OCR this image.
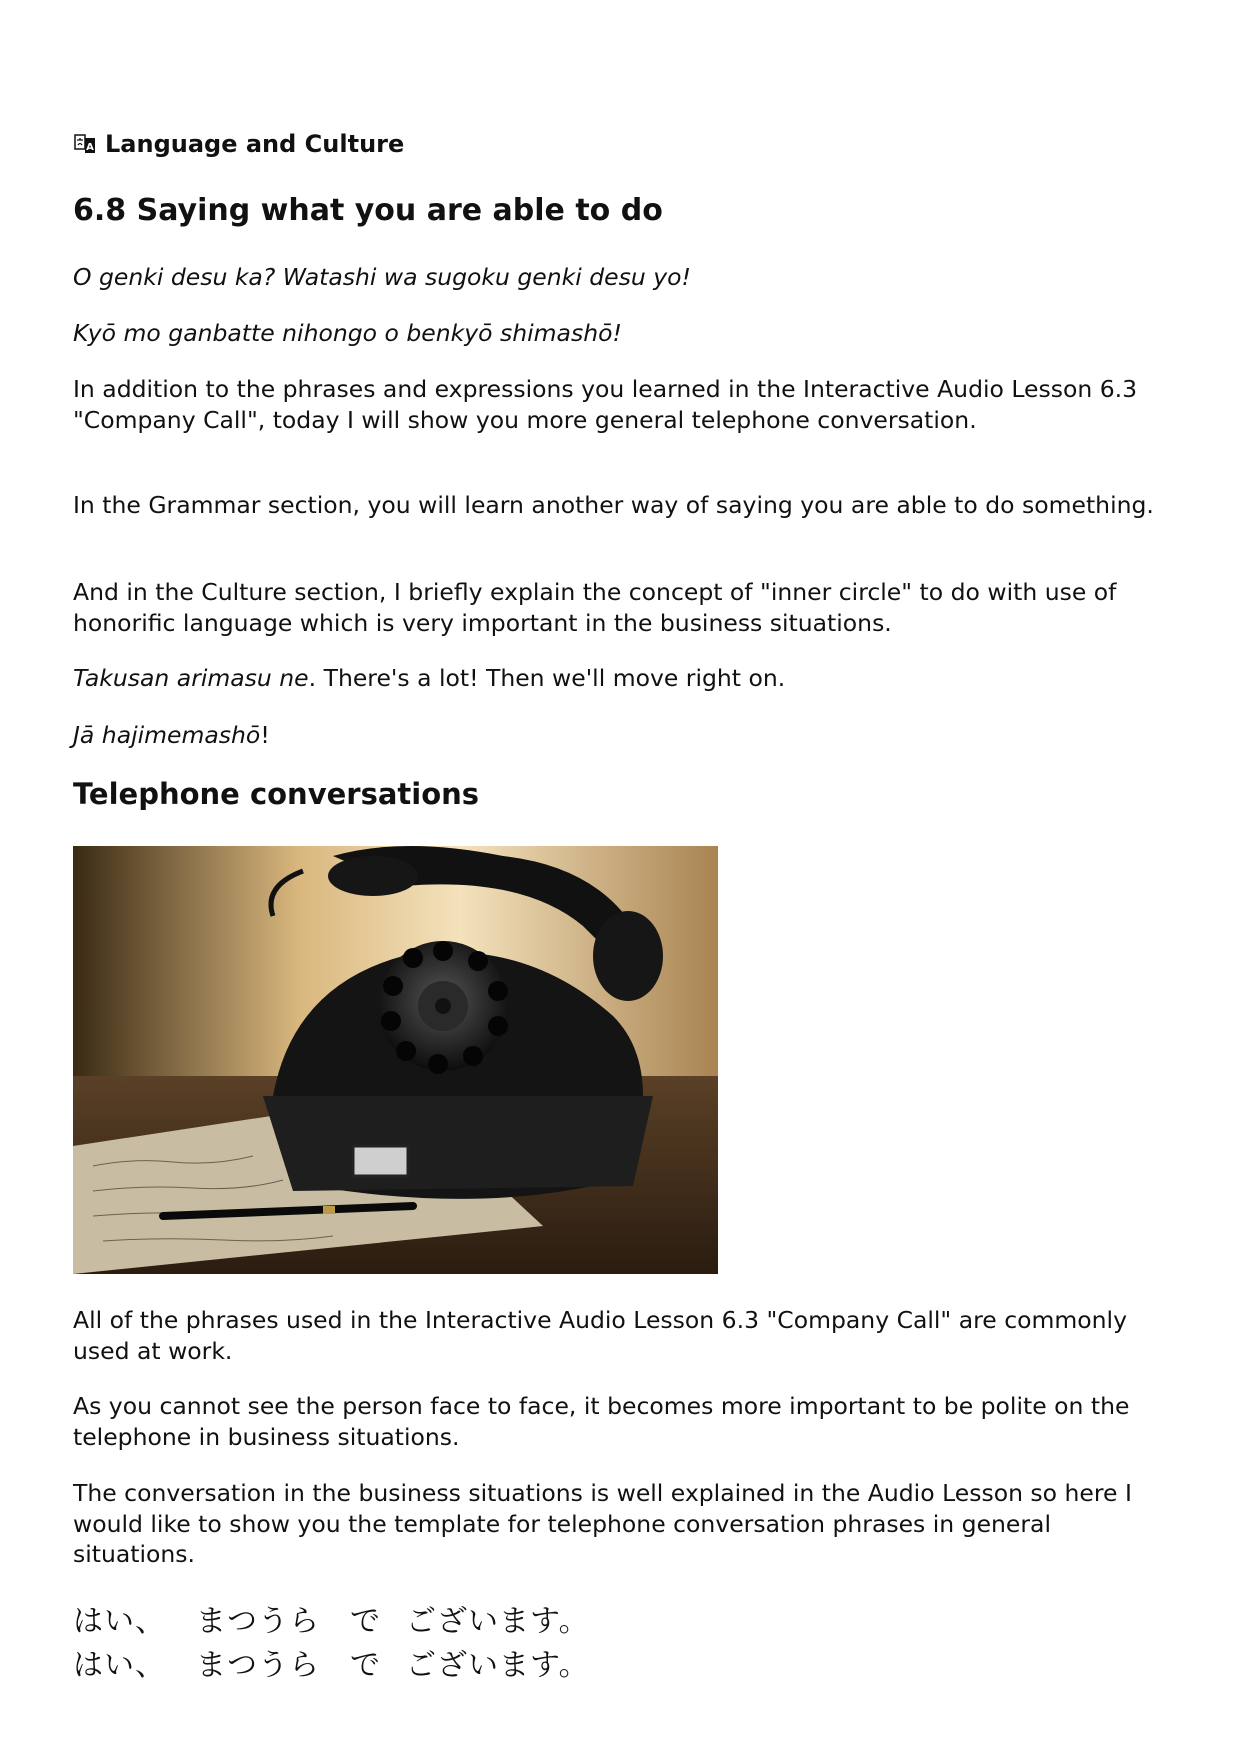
A Language and Culture
6.8 Saying what you are able to do

O genki desu ka? Watashi wa sugoku genki desu yo!

Kyō mo ganbatte nihongo o benkyō shimashō!

In addition to the phrases and expressions you learned in the Interactive Audio Lesson 6.3 "Company Call", today I will show you more general telephone conversation.

In the Grammar section, you will learn another way of saying you are able to do something.

And in the Culture section, I briefly explain the concept of "inner circle" to do with use of honorific language which is very important in the business situations.

Takusan arimasu ne. There's a lot! Then we'll move right on.

Jā hajimemashō!

Telephone conversations

All of the phrases used in the Interactive Audio Lesson 6.3 "Company Call" are commonly used at work.

As you cannot see the person face to face, it becomes more important to be polite on the telephone in business situations.

The conversation in the business situations is well explained in the Audio Lesson so here I would like to show you the template for telephone conversation phrases in general situations.

はい、 まつうら で ございます。
はい、 まつうら で ございます。
